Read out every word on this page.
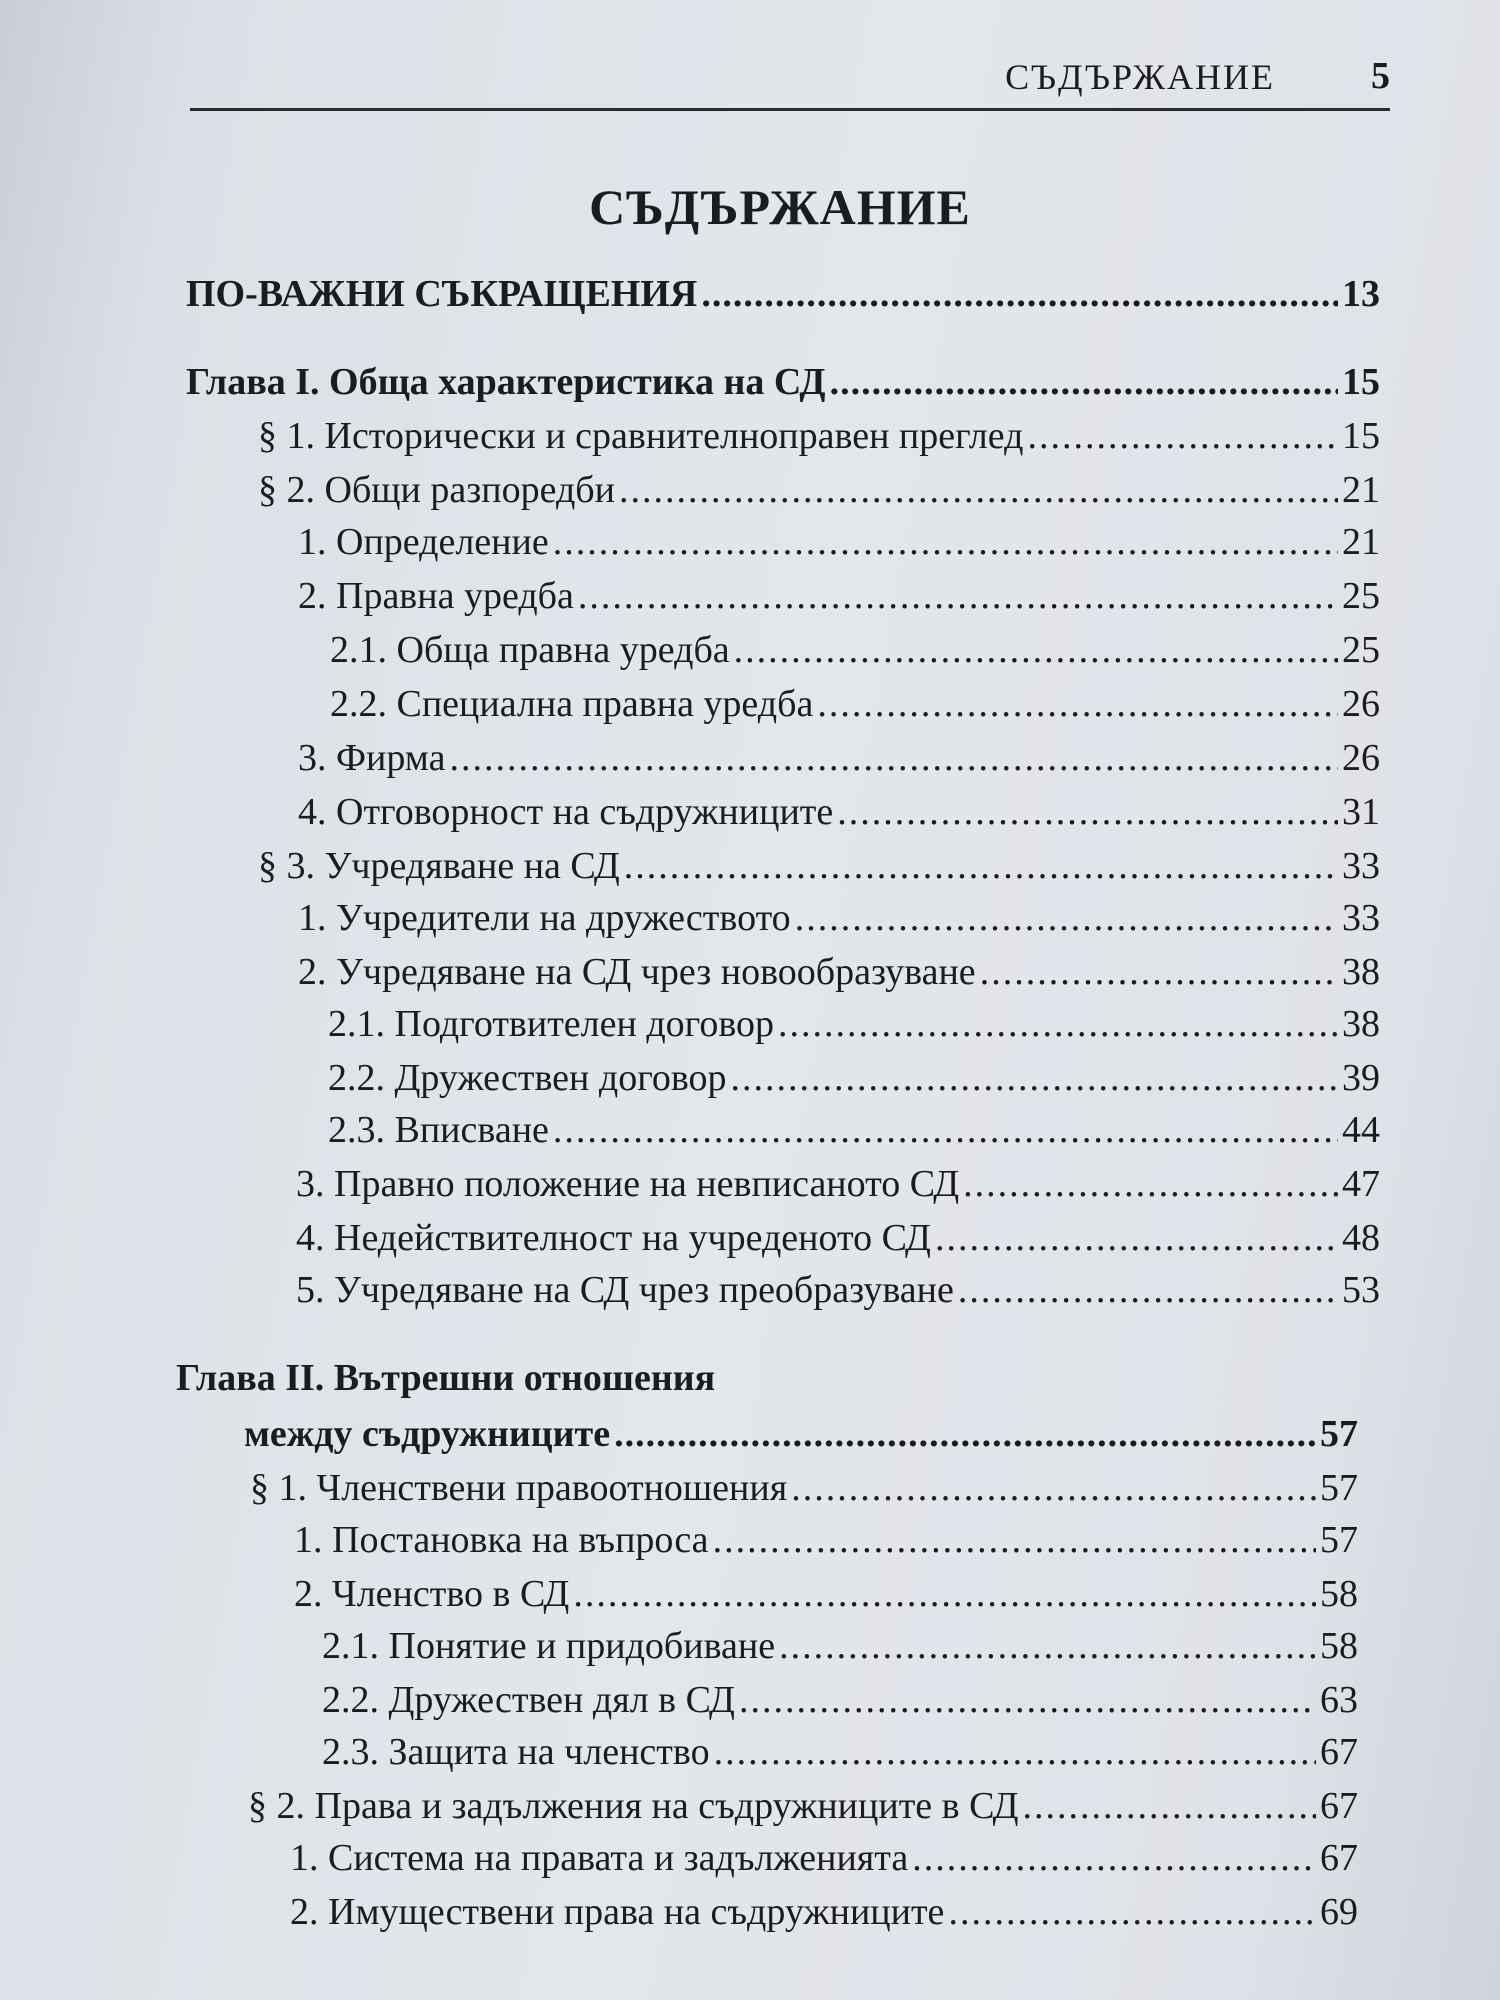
СЪДЪРЖАНИЕ	5
СЪДЪРЖАНИЕ
ПО-ВАЖНИ СЪКРАЩЕНИЯ .....	13
Глава I. Обща характеристика на СД .....	15
§ 1. Исторически и сравнителноправен преглед .....	15
§ 2. Общи разпоредби .....	21
1. Определение .....	21
2. Правна уредба .....	25
2.1. Обща правна уредба .....	25
2.2. Специална правна уредба .....	26
3. Фирма .....	26
4. Отговорност на съдружниците .....	31
§ 3. Учредяване на СД .....	33
1. Учредители на дружеството .....	33
2. Учредяване на СД чрез новообразуване .....	38
2.1. Подготвителен договор .....	38
2.2. Дружествен договор .....	39
2.3. Вписване .....	44
3. Правно положение на невписаното СД .....	47
4. Недействителност на учреденото СД .....	48
5. Учредяване на СД чрез преобразуване .....	53
Глава II. Вътрешни отношения
между съдружниците .....	57
§ 1. Членствени правоотношения .....	57
1. Постановка на въпроса .....	57
2. Членство в СД .....	58
2.1. Понятие и придобиване .....	58
2.2. Дружествен дял в СД .....	63
2.3. Защита на членство .....	67
§ 2. Права и задължения на съдружниците в СД .....	67
1. Система на правата и задълженията .....	67
2. Имуществени права на съдружниците .....	69
